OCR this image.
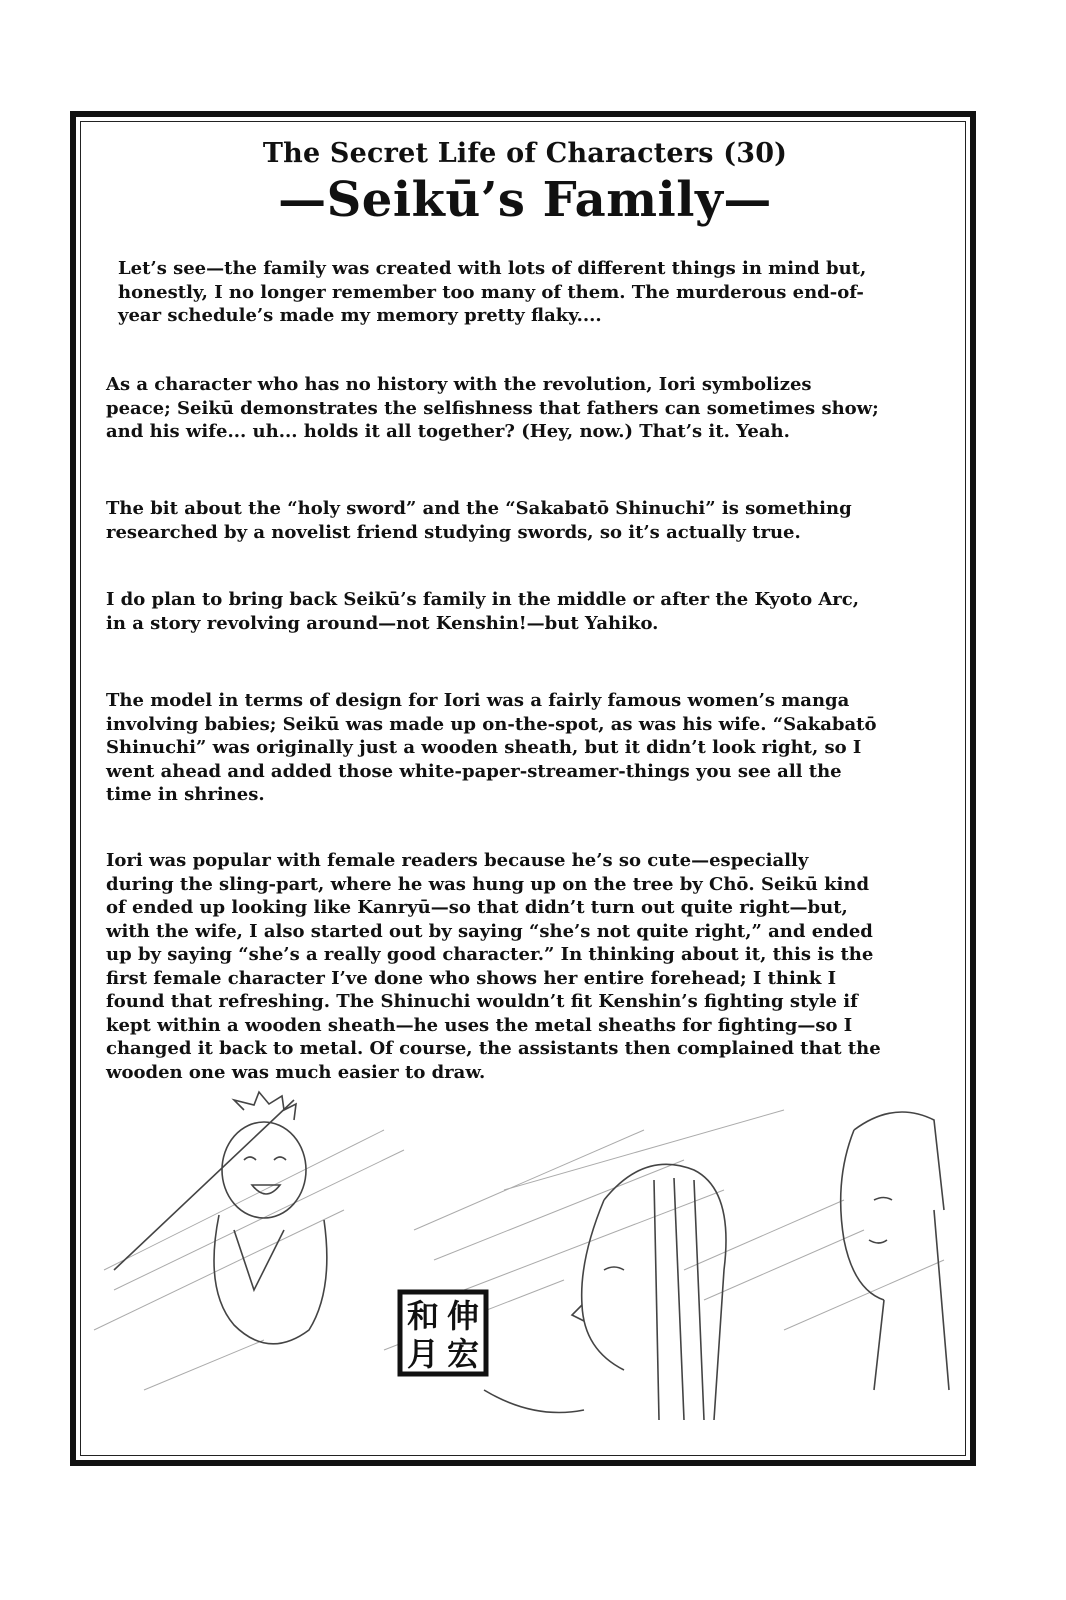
The Secret Life of Characters (30)
—Seikū’s Family—

Let’s see—the family was created with lots of different things in mind but,
honestly, I no longer remember too many of them. The murderous end-of-
year schedule’s made my memory pretty flaky....

As a character who has no history with the revolution, Iori symbolizes
peace; Seikū demonstrates the selfishness that fathers can sometimes show;
and his wife... uh... holds it all together? (Hey, now.) That’s it. Yeah.

The bit about the “holy sword” and the “Sakabatō Shinuchi” is something
researched by a novelist friend studying swords, so it’s actually true.

I do plan to bring back Seikū’s family in the middle or after the Kyoto Arc,
in a story revolving around—not Kenshin!—but Yahiko.

The model in terms of design for Iori was a fairly famous women’s manga
involving babies; Seikū was made up on-the-spot, as was his wife. “Sakabatō
Shinuchi” was originally just a wooden sheath, but it didn’t look right, so I
went ahead and added those white-paper-streamer-things you see all the
time in shrines.

Iori was popular with female readers because he’s so cute—especially
during the sling-part, where he was hung up on the tree by Chō. Seikū kind
of ended up looking like Kanryū—so that didn’t turn out quite right—but,
with the wife, I also started out by saying “she’s not quite right,” and ended
up by saying “she’s a really good character.” In thinking about it, this is the
first female character I’ve done who shows her entire forehead; I think I
found that refreshing. The Shinuchi wouldn’t fit Kenshin’s fighting style if
kept within a wooden sheath—he uses the metal sheaths for fighting—so I
changed it back to metal. Of course, the assistants then complained that the
wooden one was much easier to draw.

伸
宏
和
月
